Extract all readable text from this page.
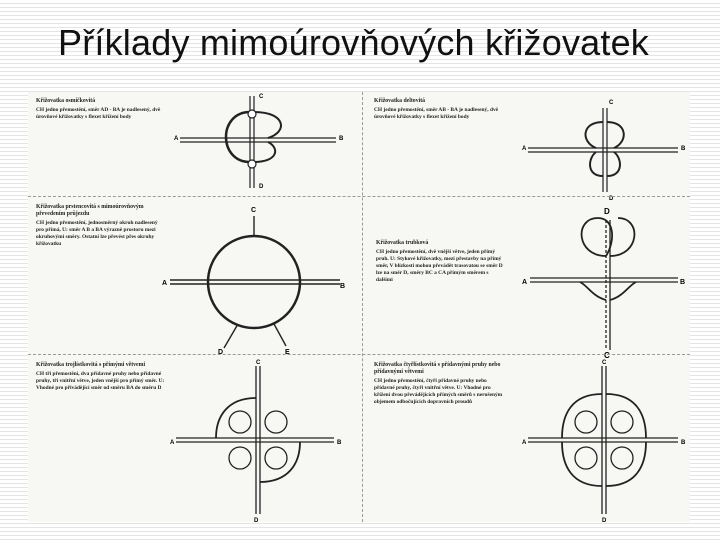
Příklady mimoúrovňových křižovatek

Křižovatka osmičkovitá

CH jedno přemostění, směr AD - BA je nadlesený, dvě úrovňové křižovatky s flexet křížení body

A	B
C
D

Křižovatka deltovitá

CH jedno přemostění, směr AB - BA je nadlesený, dvě úrovňové křižovatky s flexet křížení body

A	B
C
D

Křižovatka prstencovitá s mimoúrovňovým převedením průjezdu

CH jedno přemostění, jednosměrný okruh nadlesený pro přímá, U: směr A B a BA výrazně prostoru mezi okruhovými směry. Ostatní lze převést přes okruhy křižovatku

A	B
C
D	E

Křižovatka trubková

CH jedno přemostění, dvě vnější větve, jeden přímý pruh. U: Stykové křižovatky, mezi přestavby na přímý směr, V blízkosti mohou převádět trasovatou se směr D lze na směr D, směry BC a CA přímým směrem s dalšími	A	B
D
C

Křižovatka trojlístkovitá s přímými větvemi

CH tři přemostění, dva přídavné pruhy nebo přídavné pruhy, tři vnitřní větve, jeden vnější pro přímý směr. U: Vhodné pro přivádějící směr od směru BA do směru D

A	B
C
D

Křižovatka čtyřlístkovitá s přídavnými pruhy nebo přídavnými větvemi

CH jedno přemostění, čtyři přídavné pruhy nebo přídavné pruhy, čtyři vnitřní větve. U: Vhodné pro křížení dvou převádějících přímých směrů s nerušeným objemem odbočujících dopravních proudů

A	B
C
D
